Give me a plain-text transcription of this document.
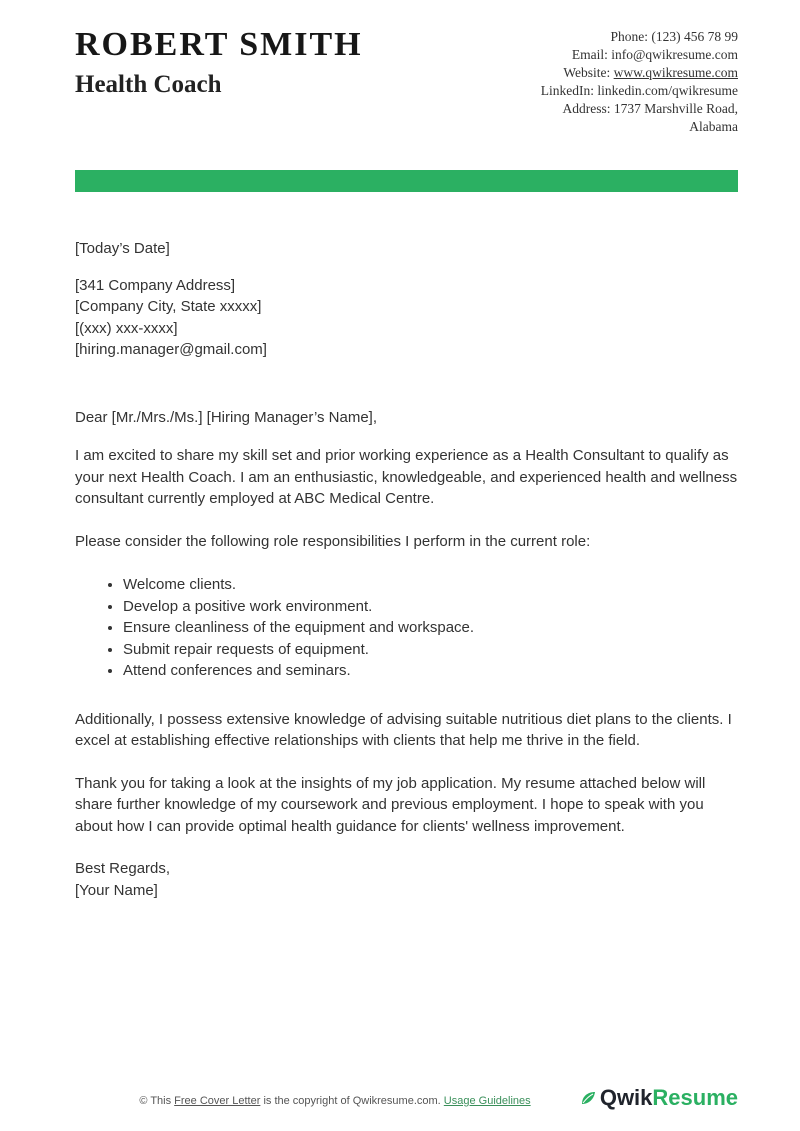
ROBERT SMITH
Health Coach
Phone: (123) 456 78 99
Email: info@qwikresume.com
Website: www.qwikresume.com
LinkedIn: linkedin.com/qwikresume
Address: 1737 Marshville Road,
Alabama
[Today’s Date]
[341 Company Address]
[Company City, State xxxxx]
[(xxx) xxx-xxxx]
[hiring.manager@gmail.com]
Dear [Mr./Mrs./Ms.] [Hiring Manager’s Name],

I am excited to share my skill set and prior working experience as a Health Consultant to qualify as your next Health Coach. I am an enthusiastic, knowledgeable, and experienced health and wellness consultant currently employed at ABC Medical Centre.

Please consider the following role responsibilities I perform in the current role:

• Welcome clients.
• Develop a positive work environment.
• Ensure cleanliness of the equipment and workspace.
• Submit repair requests of equipment.
• Attend conferences and seminars.

Additionally, I possess extensive knowledge of advising suitable nutritious diet plans to the clients. I excel at establishing effective relationships with clients that help me thrive in the field.

Thank you for taking a look at the insights of my job application. My resume attached below will share further knowledge of my coursework and previous employment. I hope to speak with you about how I can provide optimal health guidance for clients' wellness improvement.

Best Regards,
[Your Name]
© This Free Cover Letter is the copyright of Qwikresume.com. Usage Guidelines	QwikResume
